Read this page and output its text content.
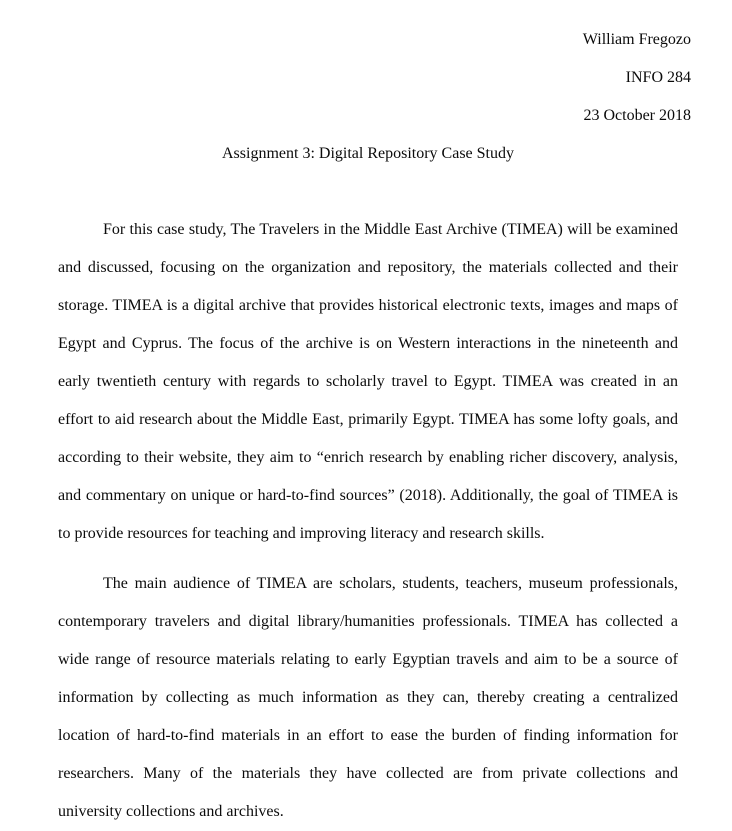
William Fregozo
INFO 284
23 October 2018
Assignment 3: Digital Repository Case Study

For this case study, The Travelers in the Middle East Archive (TIMEA) will be examined and discussed, focusing on the organization and repository, the materials collected and their storage. TIMEA is a digital archive that provides historical electronic texts, images and maps of Egypt and Cyprus. The focus of the archive is on Western interactions in the nineteenth and early twentieth century with regards to scholarly travel to Egypt. TIMEA was created in an effort to aid research about the Middle East, primarily Egypt. TIMEA has some lofty goals, and according to their website, they aim to “enrich research by enabling richer discovery, analysis, and commentary on unique or hard-to-find sources” (2018). Additionally, the goal of TIMEA is to provide resources for teaching and improving literacy and research skills.

The main audience of TIMEA are scholars, students, teachers, museum professionals, contemporary travelers and digital library/humanities professionals. TIMEA has collected a wide range of resource materials relating to early Egyptian travels and aim to be a source of information by collecting as much information as they can, thereby creating a centralized location of hard-to-find materials in an effort to ease the burden of finding information for researchers. Many of the materials they have collected are from private collections and university collections and archives.
